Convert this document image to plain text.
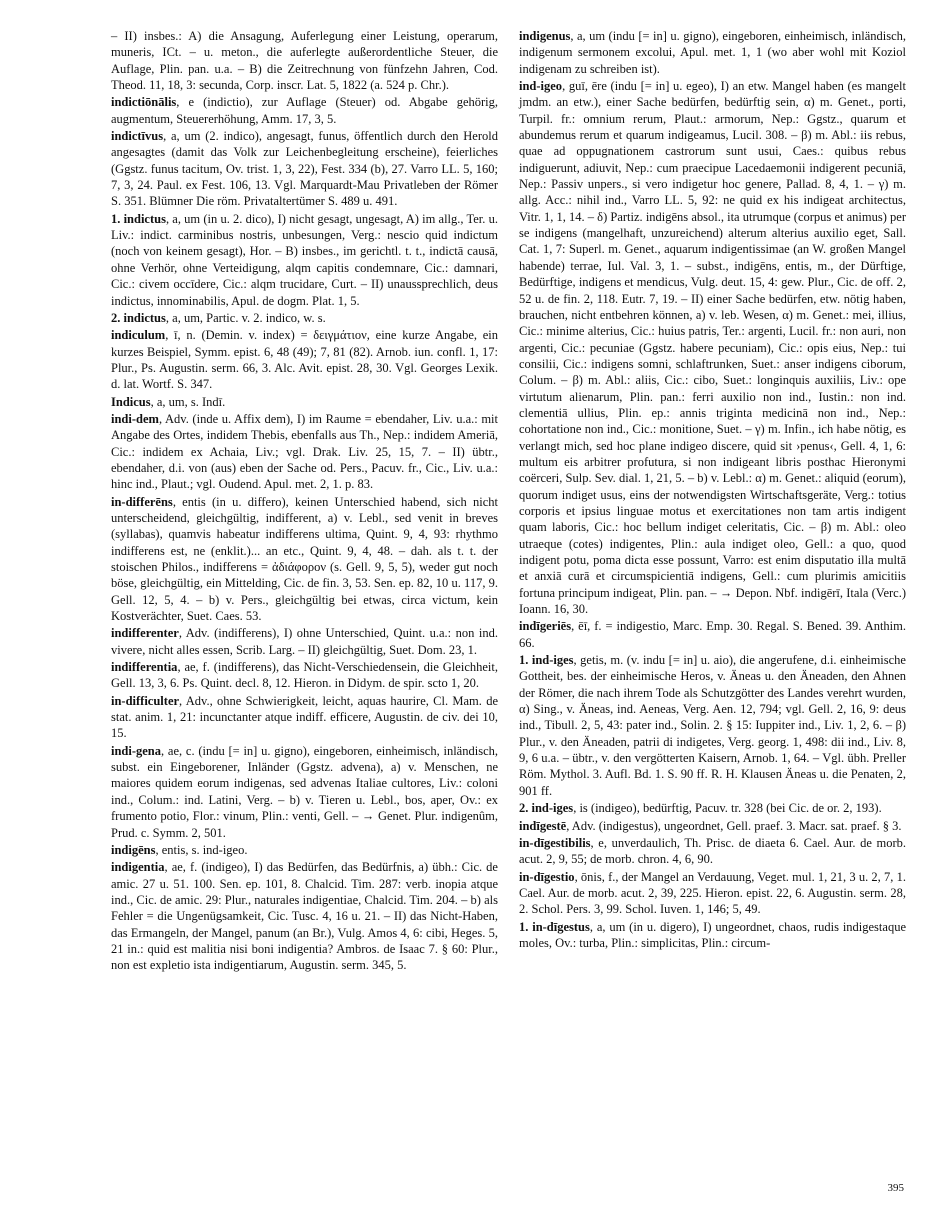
– II) insbes.: A) die Ansagung, Auferlegung einer Leistung, operarum, muneris, ICt. – u. meton., die auferlegte außerordentliche Steuer, die Auflage, Plin. pan. u.a. – B) die Zeitrechnung von fünfzehn Jahren, Cod. Theod. 11, 18, 3: secunda, Corp. inscr. Lat. 5, 1822 (a. 524 p. Chr.).

indictiōnālis, e (indictio), zur Auflage (Steuer) od. Abgabe gehörig, augmentum, Steuererhöhung, Amm. 17, 3, 5.

indictīvus, a, um (2. indico), angesagt, funus, öffentlich durch den Herold angesagtes (damit das Volk zur Leichenbegleitung erscheine), feierliches (Ggstz. funus tacitum, Ov. trist. 1, 3, 22), Fest. 334 (b), 27. Varro LL. 5, 160; 7, 3, 24. Paul. ex Fest. 106, 13. Vgl. Marquardt-Mau Privatleben der Römer S. 351. Blümner Die röm. Privataltertümer S. 489 u. 491.

1. indictus, a, um (in u. 2. dico), I) nicht gesagt, ungesagt, A) im allg., Ter. u. Liv.: indict. carminibus nostris, unbesungen, Verg.: nescio quid indictum (noch von keinem gesagt), Hor. – B) insbes., im gerichtl. t. t., indictā causā, ohne Verhör, ohne Verteidigung, alqm capitis condemnare, Cic.: damnari, Cic.: civem occīdere, Cic.: alqm trucidare, Curt. – II) unaussprechlich, deus indictus, innominabilis, Apul. de dogm. Plat. 1, 5.

2. indictus, a, um, Partic. v. 2. indico, w. s.

indiculum, ī, n. (Demin. v. index) = δειγμάτιον, eine kurze Angabe, ein kurzes Beispiel, Symm. epist. 6, 48 (49); 7, 81 (82). Arnob. iun. confl. 1, 17: Plur., Ps. Augustin. serm. 66, 3. Alc. Avit. epist. 28, 30. Vgl. Georges Lexik. d. lat. Wortf. S. 347.

Indicus, a, um, s. Indī.

indi-dem, Adv. (inde u. Affix dem), I) im Raume = ebendaher, Liv. u.a.: mit Angabe des Ortes, indidem Thebis, ebenfalls aus Th., Nep.: indidem Ameriā, Cic.: indidem ex Achaia, Liv.; vgl. Drak. Liv. 25, 15, 7. – II) übtr., ebendaher, d.i. von (aus) eben der Sache od. Pers., Pacuv. fr., Cic., Liv. u.a.: hinc ind., Plaut.; vgl. Oudend. Apul. met. 2, 1. p. 83.

in-differēns, entis (in u. differo), keinen Unterschied habend, sich nicht unterscheidend, gleichgültig, indifferent, a) v. Lebl., sed venit in breves (syllabas), quamvis habeatur indifferens ultima, Quint. 9, 4, 93: rhythmo indifferens est, ne (enklit.)... an etc., Quint. 9, 4, 48. – dah. als t. t. der stoischen Philos., indifferens = ἀδιάφορον (s. Gell. 9, 5, 5), weder gut noch böse, gleichgültig, ein Mittelding, Cic. de fin. 3, 53. Sen. ep. 82, 10 u. 117, 9. Gell. 12, 5, 4. – b) v. Pers., gleichgültig bei etwas, circa victum, kein Kostverächter, Suet. Caes. 53.

indifferenter, Adv. (indifferens), I) ohne Unterschied, Quint. u.a.: non ind. vivere, nicht alles essen, Scrib. Larg. – II) gleichgültig, Suet. Dom. 23, 1.

indifferentia, ae, f. (indifferens), das Nicht-Verschiedensein, die Gleichheit, Gell. 13, 3, 6. Ps. Quint. decl. 8, 12. Hieron. in Didym. de spir. scto 1, 20.

in-difficulter, Adv., ohne Schwierigkeit, leicht, aquas haurire, Cl. Mam. de stat. anim. 1, 21: incunctanter atque indiff. efficere, Augustin. de civ. dei 10, 15.

indi-gena, ae, c. (indu [= in] u. gigno), eingeboren, einheimisch, inländisch, subst. ein Eingeborener, Inländer (Ggstz. advena), a) v. Menschen, ne maiores quidem eorum indigenas, sed advenas Italiae cultores, Liv.: coloni ind., Colum.: ind. Latini, Verg. – b) v. Tieren u. Lebl., bos, aper, Ov.: ex frumento potio, Flor.: vinum, Plin.: venti, Gell. – → Genet. Plur. indigenûm, Prud. c. Symm. 2, 501.

indigēns, entis, s. ind-igeo.

indigentia, ae, f. (indigeo), I) das Bedürfen, das Bedürfnis, a) übh.: Cic. de amic. 27 u. 51. 100. Sen. ep. 101, 8. Chalcid. Tim. 287: verb. inopia atque ind., Cic. de amic. 29: Plur., naturales indigentiae, Chalcid. Tim. 204. – b) als Fehler = die Ungenügsamkeit, Cic. Tusc. 4, 16 u. 21. – II) das Nicht-Haben, das Ermangeln, der Mangel, panum (an Br.), Vulg. Amos 4, 6: cibi, Heges. 5, 21 in.: quid est malitia nisi boni indigentia? Ambros. de Isaac 7. § 60: Plur., non est expletio ista indigentiarum, Augustin. serm. 345, 5.

indigenus, a, um (indu [= in] u. gigno), eingeboren, einheimisch, inländisch, indigenum sermonem excolui, Apul. met. 1, 1 (wo aber wohl mit Koziol indigenam zu schreiben ist).

ind-igeo, guī, ēre (indu [= in] u. egeo), I) an etw. Mangel haben (es mangelt jmdm. an etw.), einer Sache bedürfen, bedürftig sein, α) m. Genet., porti, Turpil. fr.: omnium rerum, Plaut.: armorum, Nep.: Ggstz., quarum et abundemus rerum et quarum indigeamus, Lucil. 308. – β) m. Abl.: iis rebus, quae ad oppugnationem castrorum sunt usui, Caes.: quibus rebus indiguerunt, adiuvit, Nep.: cum praecipue Lacedaemonii indigerent pecuniā, Nep.: Passiv unpers., si vero indigetur hoc genere, Pallad. 8, 4, 1. – γ) m. allg. Acc.: nihil ind., Varro LL. 5, 92: ne quid ex his indigeat architectus, Vitr. 1, 1, 14. – δ) Partiz. indigēns absol., ita utrumque (corpus et animus) per se indigens (mangelhaft, unzureichend) alterum alterius auxilio eget, Sall. Cat. 1, 7: Superl. m. Genet., aquarum indigentissimae (an W. großen Mangel habende) terrae, Iul. Val. 3, 1. – subst., indigēns, entis, m., der Dürftige, Bedürftige, indigens et mendicus, Vulg. deut. 15, 4: gew. Plur., Cic. de off. 2, 52 u. de fin. 2, 118. Eutr. 7, 19. – II) einer Sache bedürfen, etw. nötig haben, brauchen, nicht entbehren können, a) v. leb. Wesen, α) m. Genet.: mei, illius, Cic.: minime alterius, Cic.: huius patris, Ter.: argenti, Lucil. fr.: non auri, non argenti, Cic.: pecuniae (Ggstz. habere pecuniam), Cic.: opis eius, Nep.: tui consilii, Cic.: indigens somni, schlaftrunken, Suet.: anser indigens ciborum, Colum. – β) m. Abl.: aliis, Cic.: cibo, Suet.: longinquis auxiliis, Liv.: ope virtutum alienarum, Plin. pan.: ferri auxilio non ind., Iustin.: non ind. clementiā ullius, Plin. ep.: annis triginta medicinā non ind., Nep.: cohortatione non ind., Cic.: monitione, Suet. – γ) m. Infin., ich habe nötig, es verlangt mich, sed hoc plane indigeo discere, quid sit ›penus‹, Gell. 4, 1, 6: multum eis arbitrer profutura, si non indigeant libris posthac Hieronymi coërceri, Sulp. Sev. dial. 1, 21, 5. – b) v. Lebl.: α) m. Genet.: aliquid (eorum), quorum indiget usus, eins der notwendigsten Wirtschaftsgeräte, Verg.: totius corporis et ipsius linguae motus et exercitationes non tam artis indigent quam laboris, Cic.: hoc bellum indiget celeritatis, Cic. – β) m. Abl.: oleo utraeque (cotes) indigentes, Plin.: aula indiget oleo, Gell.: a quo, quod indigent potu, poma dicta esse possunt, Varro: est enim disputatio illa multā et anxiā curā et circumspicientiā indigens, Gell.: cum plurimis amicitiis fortuna principum indigeat, Plin. pan. – → Depon. Nbf. indigērī, Itala (Verc.) Ioann. 16, 30.

indīgeriēs, ēī, f. = indigestio, Marc. Emp. 30. Regal. S. Bened. 39. Anthim. 66.

1. ind-iges, getis, m. (v. indu [= in] u. aio), die angerufene, d.i. einheimische Gottheit, bes. der einheimische Heros, v. Äneas u. den Äneaden, den Ahnen der Römer, die nach ihrem Tode als Schutzgötter des Landes verehrt wurden, α) Sing., v. Äneas, ind. Aeneas, Verg. Aen. 12, 794; vgl. Gell. 2, 16, 9: deus ind., Tibull. 2, 5, 43: pater ind., Solin. 2. § 15: Iuppiter ind., Liv. 1, 2, 6. – β) Plur., v. den Äneaden, patrii di indigetes, Verg. georg. 1, 498: dii ind., Liv. 8, 9, 6 u.a. – übtr., v. den vergötterten Kaisern, Arnob. 1, 64. – Vgl. übh. Preller Röm. Mythol. 3. Aufl. Bd. 1. S. 90 ff. R. H. Klausen Äneas u. die Penaten, 2, 901 ff.

2. ind-iges, is (indigeo), bedürftig, Pacuv. tr. 328 (bei Cic. de or. 2, 193).

indīgestē, Adv. (indigestus), ungeordnet, Gell. praef. 3. Macr. sat. praef. § 3.

in-dīgestibilis, e, unverdaulich, Th. Prisc. de diaeta 6. Cael. Aur. de morb. acut. 2, 9, 55; de morb. chron. 4, 6, 90.

in-dīgestio, ōnis, f., der Mangel an Verdauung, Veget. mul. 1, 21, 3 u. 2, 7, 1. Cael. Aur. de morb. acut. 2, 39, 225. Hieron. epist. 22, 6. Augustin. serm. 28, 2. Schol. Pers. 3, 99. Schol. Iuven. 1, 146; 5, 49.

1. in-dīgestus, a, um (in u. digero), I) ungeordnet, chaos, rudis indigestaque moles, Ov.: turba, Plin.: simplicitas, Plin.: circum-

395
